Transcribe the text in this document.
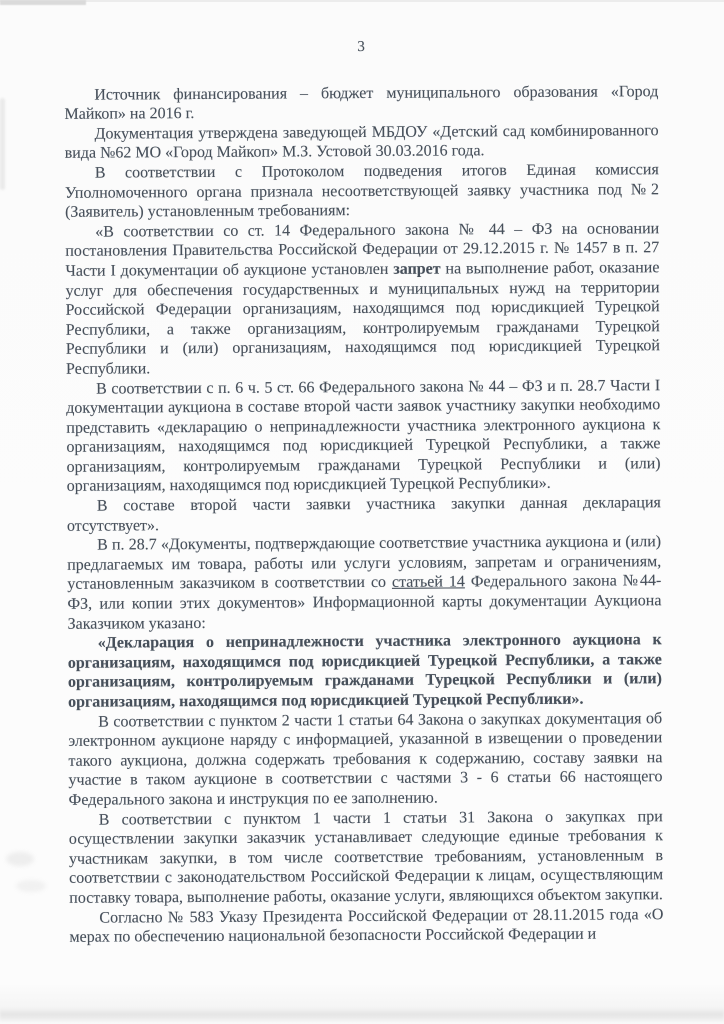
3

Источник финансирования – бюджет муниципального образования «Город Майкоп» на 2016 г.

Документация утверждена заведующей МБДОУ «Детский сад комбинированного вида №62 МО «Город Майкоп» М.З. Устовой 30.03.2016 года.

В соответствии с Протоколом подведения итогов Единая комиссия Уполномоченного органа признала несоответствующей заявку участника под №2 (Заявитель) установленным требованиям:

«В соответствии со ст. 14 Федерального закона № 44 – ФЗ на основании постановления Правительства Российской Федерации от 29.12.2015 г. № 1457 в п. 27 Части I документации об аукционе установлен запрет на выполнение работ, оказание услуг для обеспечения государственных и муниципальных нужд на территории Российской Федерации организациям, находящимся под юрисдикцией Турецкой Республики, а также организациям, контролируемым гражданами Турецкой Республики и (или) организациям, находящимся под юрисдикцией Турецкой Республики.

В соответствии с п. 6 ч. 5 ст. 66 Федерального закона № 44 – ФЗ и п. 28.7 Части I документации аукциона в составе второй части заявок участнику закупки необходимо представить «декларацию о непринадлежности участника электронного аукциона к организациям, находящимся под юрисдикцией Турецкой Республики, а также организациям, контролируемым гражданами Турецкой Республики и (или) организациям, находящимся под юрисдикцией Турецкой Республики».

В составе второй части заявки участника закупки данная декларация отсутствует».

В п. 28.7 «Документы, подтверждающие соответствие участника аукциона и (или) предлагаемых им товара, работы или услуги условиям, запретам и ограничениям, установленным заказчиком в соответствии со статьей 14 Федерального закона №44-ФЗ, или копии этих документов» Информационной карты документации Аукциона Заказчиком указано:

«Декларация о непринадлежности участника электронного аукциона к организациям, находящимся под юрисдикцией Турецкой Республики, а также организациям, контролируемым гражданами Турецкой Республики и (или) организациям, находящимся под юрисдикцией Турецкой Республики».

В соответствии с пунктом 2 части 1 статьи 64 Закона о закупках документация об электронном аукционе наряду с информацией, указанной в извещении о проведении такого аукциона, должна содержать требования к содержанию, составу заявки на участие в таком аукционе в соответствии с частями 3 - 6 статьи 66 настоящего Федерального закона и инструкция по ее заполнению.

В соответствии с пунктом 1 части 1 статьи 31 Закона о закупках при осуществлении закупки заказчик устанавливает следующие единые требования к участникам закупки, в том числе соответствие требованиям, установленным в соответствии с законодательством Российской Федерации к лицам, осуществляющим поставку товара, выполнение работы, оказание услуги, являющихся объектом закупки.

Согласно № 583 Указу Президента Российской Федерации от 28.11.2015 года «О мерах по обеспечению национальной безопасности Российской Федерации и
